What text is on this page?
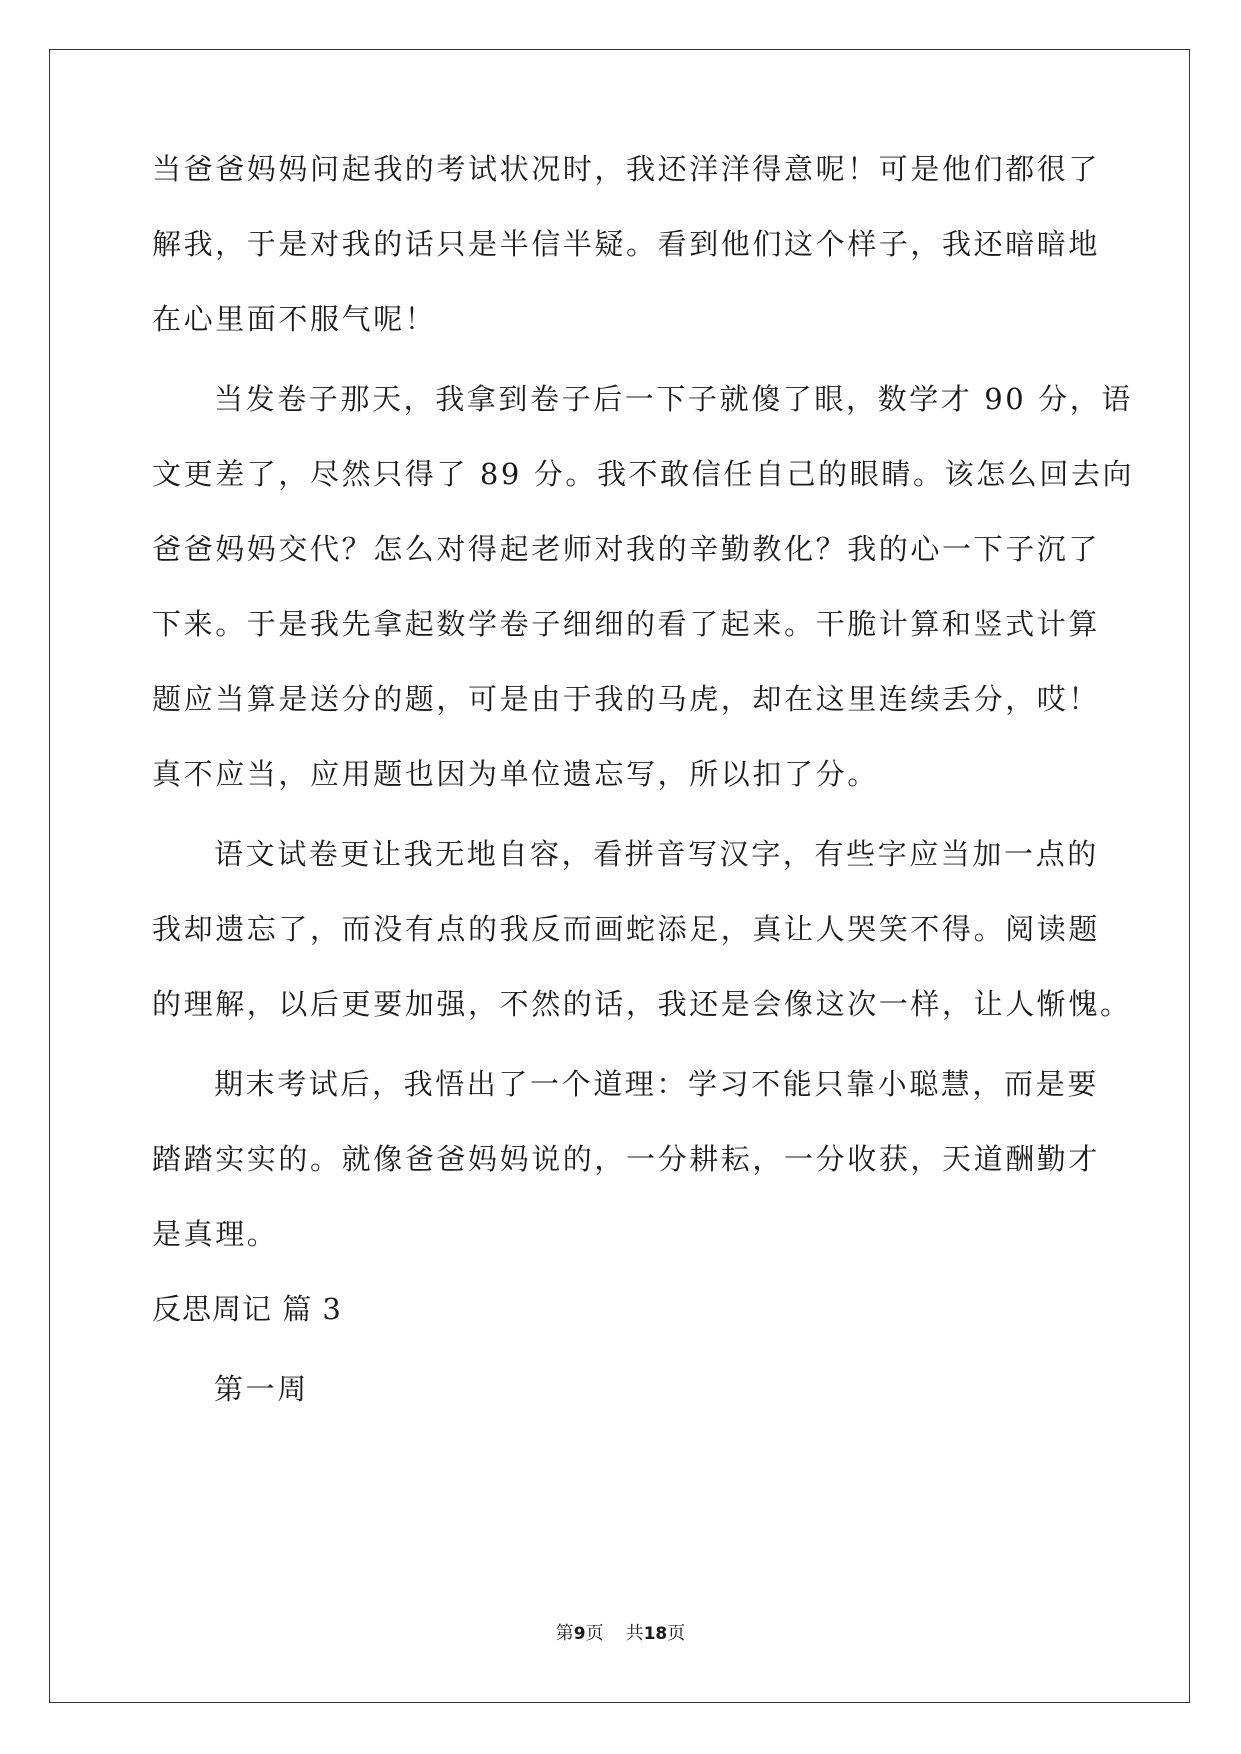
当爸爸妈妈问起我的考试状况时，我还洋洋得意呢！可是他们都很了
解我，于是对我的话只是半信半疑。看到他们这个样子，我还暗暗地
在心里面不服气呢！
当发卷子那天，我拿到卷子后一下子就傻了眼，数学才 90 分，语
文更差了，尽然只得了 89 分。我不敢信任自己的眼睛。该怎么回去向
爸爸妈妈交代？怎么对得起老师对我的辛勤教化？我的心一下子沉了
下来。于是我先拿起数学卷子细细的看了起来。干脆计算和竖式计算
题应当算是送分的题，可是由于我的马虎，却在这里连续丢分，哎！
真不应当，应用题也因为单位遗忘写，所以扣了分。
语文试卷更让我无地自容，看拼音写汉字，有些字应当加一点的
我却遗忘了，而没有点的我反而画蛇添足，真让人哭笑不得。阅读题
的理解，以后更要加强，不然的话，我还是会像这次一样，让人惭愧。
期末考试后，我悟出了一个道理：学习不能只靠小聪慧，而是要
踏踏实实的。就像爸爸妈妈说的，一分耕耘，一分收获，天道酬勤才
是真理。
反思周记 篇 3
第一周
第9页 共18页
